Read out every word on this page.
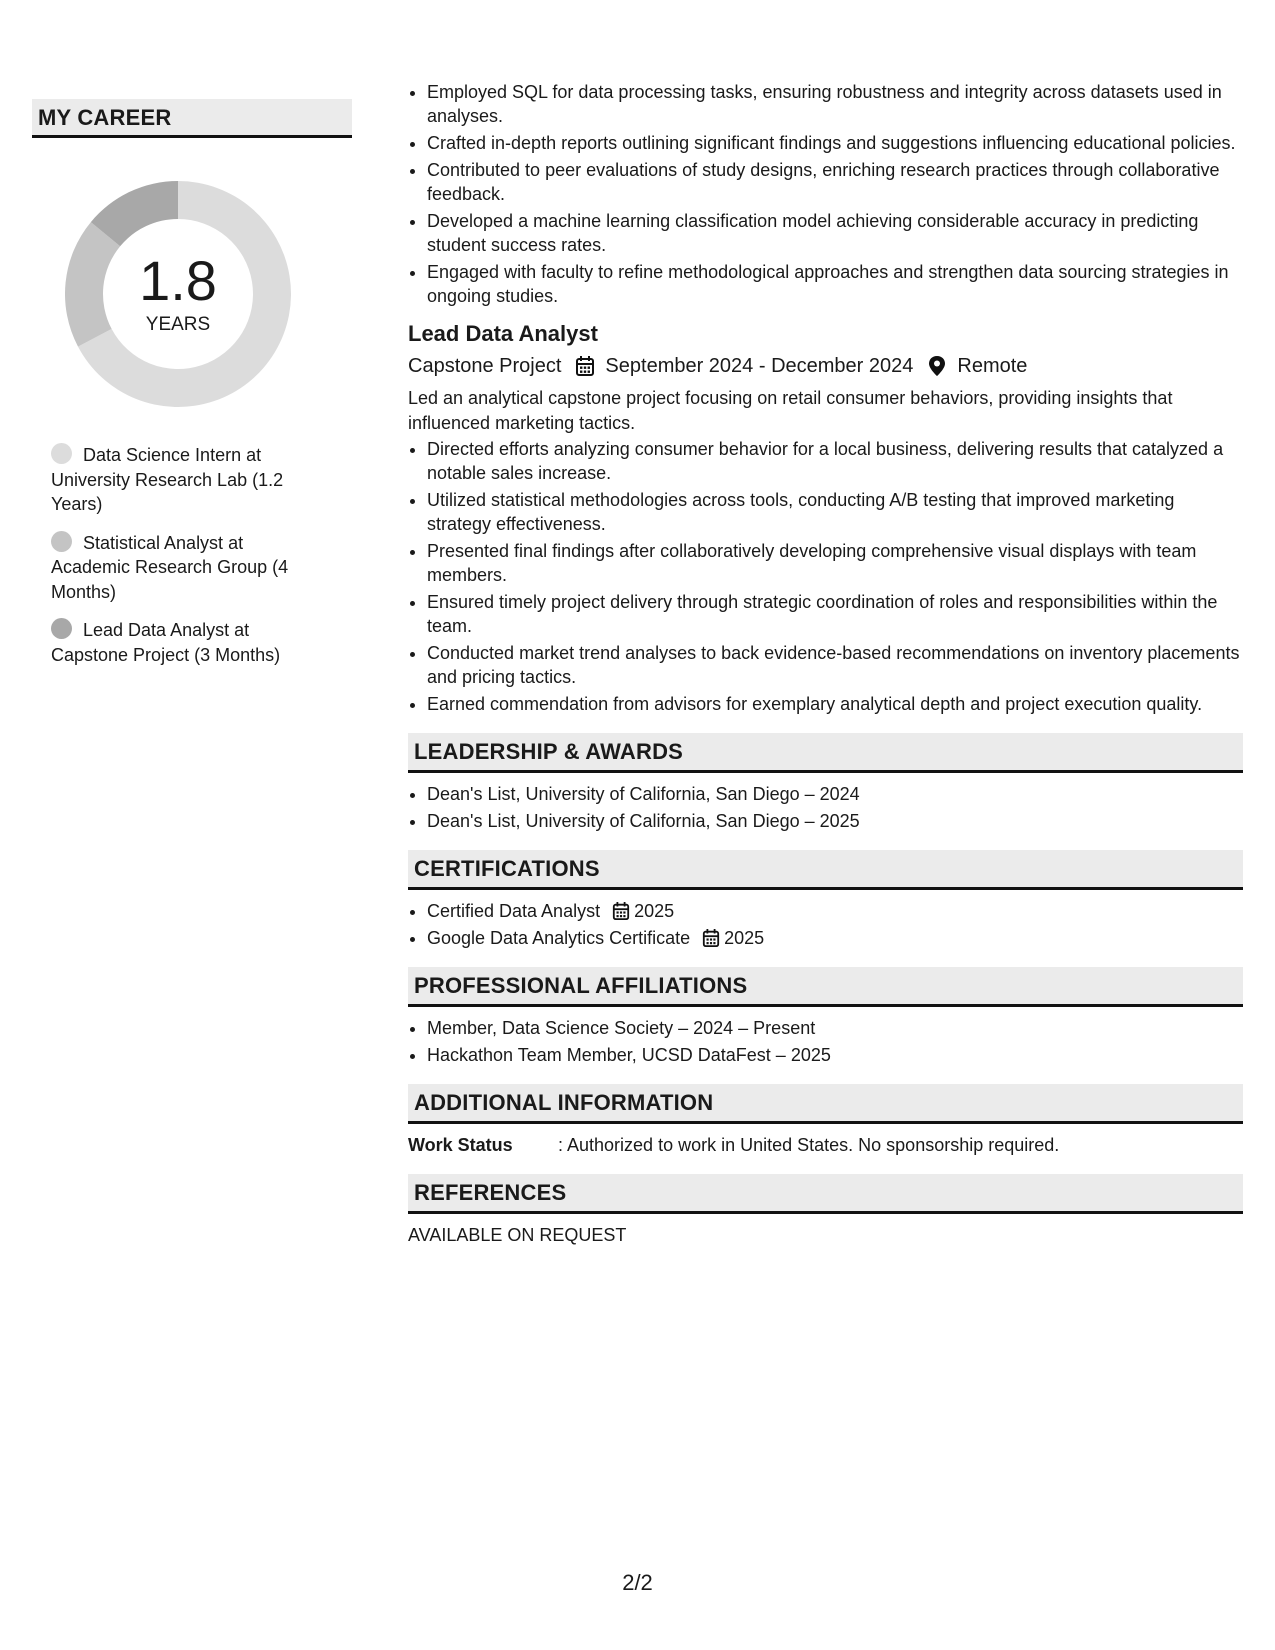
MY CAREER
1.8
YEARS
Data Science Intern at University Research Lab (1.2 Years)
Statistical Analyst at Academic Research Group (4 Months)
Lead Data Analyst at Capstone Project (3 Months)
• Employed SQL for data processing tasks, ensuring robustness and integrity across datasets used in analyses.
• Crafted in-depth reports outlining significant findings and suggestions influencing educational policies.
• Contributed to peer evaluations of study designs, enriching research practices through collaborative feedback.
• Developed a machine learning classification model achieving considerable accuracy in predicting student success rates.
• Engaged with faculty to refine methodological approaches and strengthen data sourcing strategies in ongoing studies.
Lead Data Analyst
Capstone Project September 2024 - December 2024 Remote
Led an analytical capstone project focusing on retail consumer behaviors, providing insights that influenced marketing tactics.
• Directed efforts analyzing consumer behavior for a local business, delivering results that catalyzed a notable sales increase.
• Utilized statistical methodologies across tools, conducting A/B testing that improved marketing strategy effectiveness.
• Presented final findings after collaboratively developing comprehensive visual displays with team members.
• Ensured timely project delivery through strategic coordination of roles and responsibilities within the team.
• Conducted market trend analyses to back evidence-based recommendations on inventory placements and pricing tactics.
• Earned commendation from advisors for exemplary analytical depth and project execution quality.
LEADERSHIP & AWARDS
• Dean's List, University of California, San Diego – 2024
• Dean's List, University of California, San Diego – 2025
CERTIFICATIONS
• Certified Data Analyst 2025
• Google Data Analytics Certificate 2025
PROFESSIONAL AFFILIATIONS
• Member, Data Science Society – 2024 – Present
• Hackathon Team Member, UCSD DataFest – 2025
ADDITIONAL INFORMATION
Work Status	: Authorized to work in United States. No sponsorship required.
REFERENCES
AVAILABLE ON REQUEST
2/2
